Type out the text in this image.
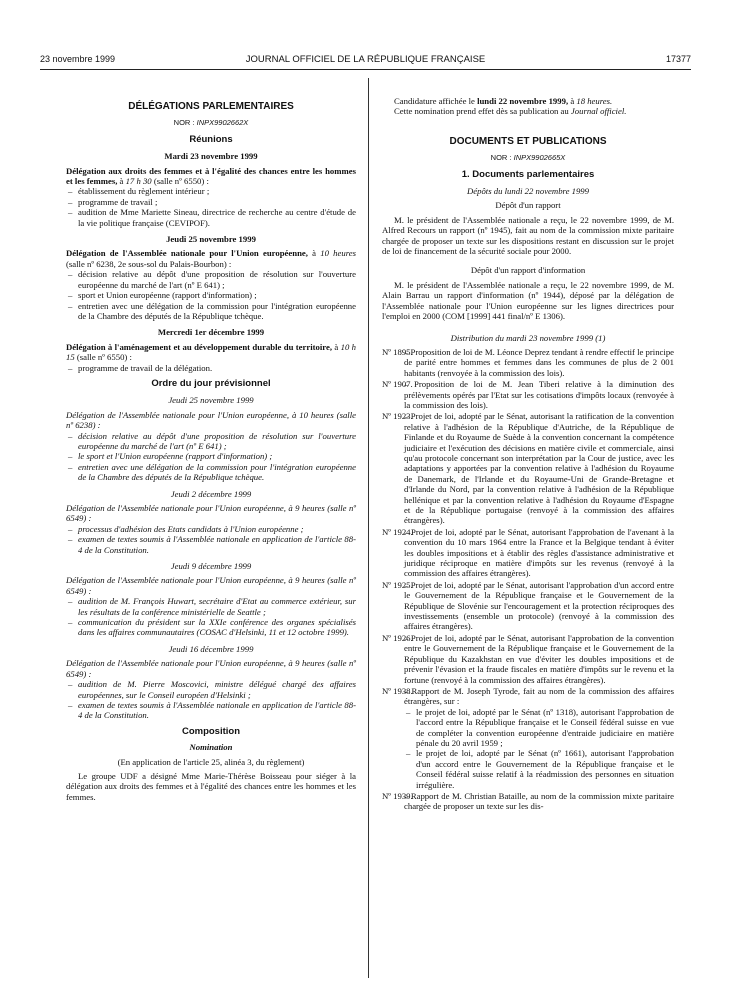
23 novembre 1999	JOURNAL OFFICIEL DE LA RÉPUBLIQUE FRANÇAISE	17377
DÉLÉGATIONS PARLEMENTAIRES
NOR : INPX9902662X
Réunions
Mardi 23 novembre 1999

Délégation aux droits des femmes et à l'égalité des chances entre les hommes et les femmes, à 17 h 30 (salle nº 6550) :

– établissement du règlement intérieur ;
– programme de travail ;
– audition de Mme Mariette Sineau, directrice de recherche au centre d'étude de la vie politique française (CEVIPOF).
Jeudi 25 novembre 1999

Délégation de l'Assemblée nationale pour l'Union européenne, à 10 heures (salle nº 6238, 2e sous-sol du Palais-Bourbon) :

– décision relative au dépôt d'une proposition de résolution sur l'ouverture européenne du marché de l'art (nº E 641) ;
– sport et Union européenne (rapport d'information) ;
– entretien avec une délégation de la commission pour l'intégration européenne de la Chambre des députés de la République tchèque.
Mercredi 1er décembre 1999

Délégation à l'aménagement et au développement durable du territoire, à 10 h 15 (salle nº 6550) :

– programme de travail de la délégation.
Ordre du jour prévisionnel
Jeudi 25 novembre 1999

Délégation de l'Assemblée nationale pour l'Union européenne, à 10 heures (salle nº 6238) :

– décision relative au dépôt d'une proposition de résolution sur l'ouverture européenne du marché de l'art (nº E 641) ;
– le sport et l'Union européenne (rapport d'information) ;
– entretien avec une délégation de la commission pour l'intégration européenne de la Chambre des députés de la République tchèque.
Jeudi 2 décembre 1999

Délégation de l'Assemblée nationale pour l'Union européenne, à 9 heures (salle nº 6549) :

– processus d'adhésion des Etats candidats à l'Union européenne ;
– examen de textes soumis à l'Assemblée nationale en application de l'article 88-4 de la Constitution.
Jeudi 9 décembre 1999

Délégation de l'Assemblée nationale pour l'Union européenne, à 9 heures (salle nº 6549) :

– audition de M. François Huwart, secrétaire d'Etat au commerce extérieur, sur les résultats de la conférence ministérielle de Seattle ;
– communication du président sur la XXIe conférence des organes spécialisés dans les affaires communautaires (COSAC d'Helsinki, 11 et 12 octobre 1999).
Jeudi 16 décembre 1999

Délégation de l'Assemblée nationale pour l'Union européenne, à 9 heures (salle nº 6549) :

– audition de M. Pierre Moscovici, ministre délégué chargé des affaires européennes, sur le Conseil européen d'Helsinki ;
– examen de textes soumis à l'Assemblée nationale en application de l'article 88-4 de la Constitution.
Composition
Nomination
(En application de l'article 25, alinéa 3, du règlement)

Le groupe UDF a désigné Mme Marie-Thérèse Boisseau pour siéger à la délégation aux droits des femmes et à l'égalité des chances entre les hommes et les femmes.

Candidature affichée le lundi 22 novembre 1999, à 18 heures.

Cette nomination prend effet dès sa publication au Journal officiel.

DOCUMENTS ET PUBLICATIONS
NOR : INPX9902665X
1. Documents parlementaires
Dépôts du lundi 22 novembre 1999
Dépôt d'un rapport

M. le président de l'Assemblée nationale a reçu, le 22 novembre 1999, de M. Alfred Recours un rapport (nº 1945), fait au nom de la commission mixte paritaire chargée de proposer un texte sur les dispositions restant en discussion sur le projet de loi de financement de la sécurité sociale pour 2000.

Dépôt d'un rapport d'information

M. le président de l'Assemblée nationale a reçu, le 22 novembre 1999, de M. Alain Barrau un rapport d'information (nº 1944), déposé par la délégation de l'Assemblée nationale pour l'Union européenne sur les lignes directrices pour l'emploi en 2000 (COM [1999] 441 final/nº E 1306).

Distribution du mardi 23 novembre 1999 (1)
Nº 1895.
– Proposition de loi de M. Léonce Deprez tendant à rendre effectif le principe de parité entre hommes et femmes dans les communes de plus de 2 001 habitants (renvoyée à la commission des lois).
Nº 1907.
– Proposition de loi de M. Jean Tiberi relative à la diminution des prélèvements opérés par l'Etat sur les cotisations d'impôts locaux (renvoyée à la commission des lois).
Nº 1923.
– Projet de loi, adopté par le Sénat, autorisant la ratification de la convention relative à l'adhésion de la République d'Autriche, de la République de Finlande et du Royaume de Suède à la convention concernant la compétence judiciaire et l'exécution des décisions en matière civile et commerciale, ainsi qu'au protocole concernant son interprétation par la Cour de justice, avec les adaptations y apportées par la convention relative à l'adhésion du Royaume de Danemark, de l'Irlande et du Royaume-Uni de Grande-Bretagne et d'Irlande du Nord, par la convention relative à l'adhésion de la République hellénique et par la convention relative à l'adhésion du Royaume d'Espagne et de la République portugaise (renvoyé à la commission des affaires étrangères).
Nº 1924.
– Projet de loi, adopté par le Sénat, autorisant l'approbation de l'avenant à la convention du 10 mars 1964 entre la France et la Belgique tendant à éviter les doubles impositions et à établir des règles d'assistance administrative et juridique réciproque en matière d'impôts sur les revenus (renvoyé à la commission des affaires étrangères).
Nº 1925.
– Projet de loi, adopté par le Sénat, autorisant l'approbation d'un accord entre le Gouvernement de la République française et le Gouvernement de la République de Slovénie sur l'encouragement et la protection réciproques des investissements (ensemble un protocole) (renvoyé à la commission des affaires étrangères).
Nº 1926.
– Projet de loi, adopté par le Sénat, autorisant l'approbation de la convention entre le Gouvernement de la République française et le Gouvernement de la République du Kazakhstan en vue d'éviter les doubles impositions et de prévenir l'évasion et la fraude fiscales en matière d'impôts sur le revenu et la fortune (renvoyé à la commission des affaires étrangères).
Nº 1938.
– Rapport de M. Joseph Tyrode, fait au nom de la commission des affaires étrangères, sur :
– le projet de loi, adopté par le Sénat (nº 1318), autorisant l'approbation de l'accord entre la République française et le Conseil fédéral suisse en vue de compléter la convention européenne d'entraide judiciaire en matière pénale du 20 avril 1959 ;
– le projet de loi, adopté par le Sénat (nº 1661), autorisant l'approbation d'un accord entre le Gouvernement de la République française et le Conseil fédéral suisse relatif à la réadmission des personnes en situation irrégulière.
Nº 1939.
– Rapport de M. Christian Bataille, au nom de la commission mixte paritaire chargée de proposer un texte sur les dis-
